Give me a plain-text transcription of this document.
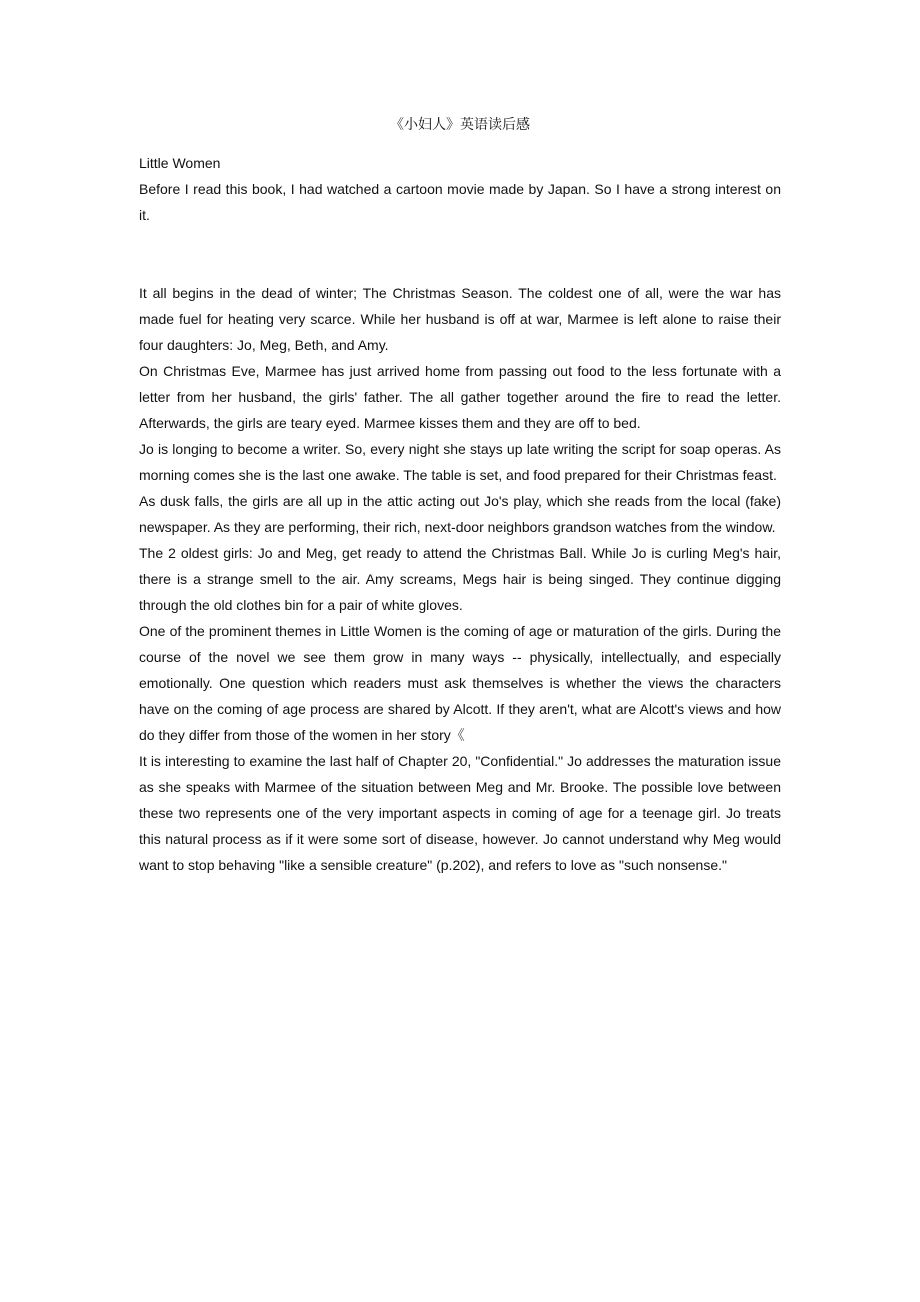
《小妇人》英语读后感

Little Women

Before I read this book, I had watched a cartoon movie made by Japan. So I have a strong interest on it.

It all begins in the dead of winter; The Christmas Season. The coldest one of all, were the war has made fuel for heating very scarce. While her husband is off at war, Marmee is left alone to raise their four daughters: Jo, Meg, Beth, and Amy.

On Christmas Eve, Marmee has just arrived home from passing out food to the less fortunate with a letter from her husband, the girls' father. The all gather together around the fire to read the letter. Afterwards, the girls are teary eyed. Marmee kisses them and they are off to bed.

Jo is longing to become a writer. So, every night she stays up late writing the script for soap operas. As morning comes she is the last one awake. The table is set, and food prepared for their Christmas feast.

As dusk falls, the girls are all up in the attic acting out Jo's play, which she reads from the local (fake) newspaper. As they are performing, their rich, next-door neighbors grandson watches from the window.

The 2 oldest girls: Jo and Meg, get ready to attend the Christmas Ball. While Jo is curling Meg's hair, there is a strange smell to the air. Amy screams, Megs hair is being singed. They continue digging through the old clothes bin for a pair of white gloves.

One of the prominent themes in Little Women is the coming of age or maturation of the girls. During the course of the novel we see them grow in many ways -- physically, intellectually, and especially emotionally. One question which readers must ask themselves is whether the views the characters have on the coming of age process are shared by Alcott. If they aren't, what are Alcott's views and how do they differ from those of the women in her story《

It is interesting to examine the last half of Chapter 20, "Confidential." Jo addresses the maturation issue as she speaks with Marmee of the situation between Meg and Mr. Brooke. The possible love between these two represents one of the very important aspects in coming of age for a teenage girl. Jo treats this natural process as if it were some sort of disease, however. Jo cannot understand why Meg would want to stop behaving "like a sensible creature" (p.202), and refers to love as "such nonsense."
